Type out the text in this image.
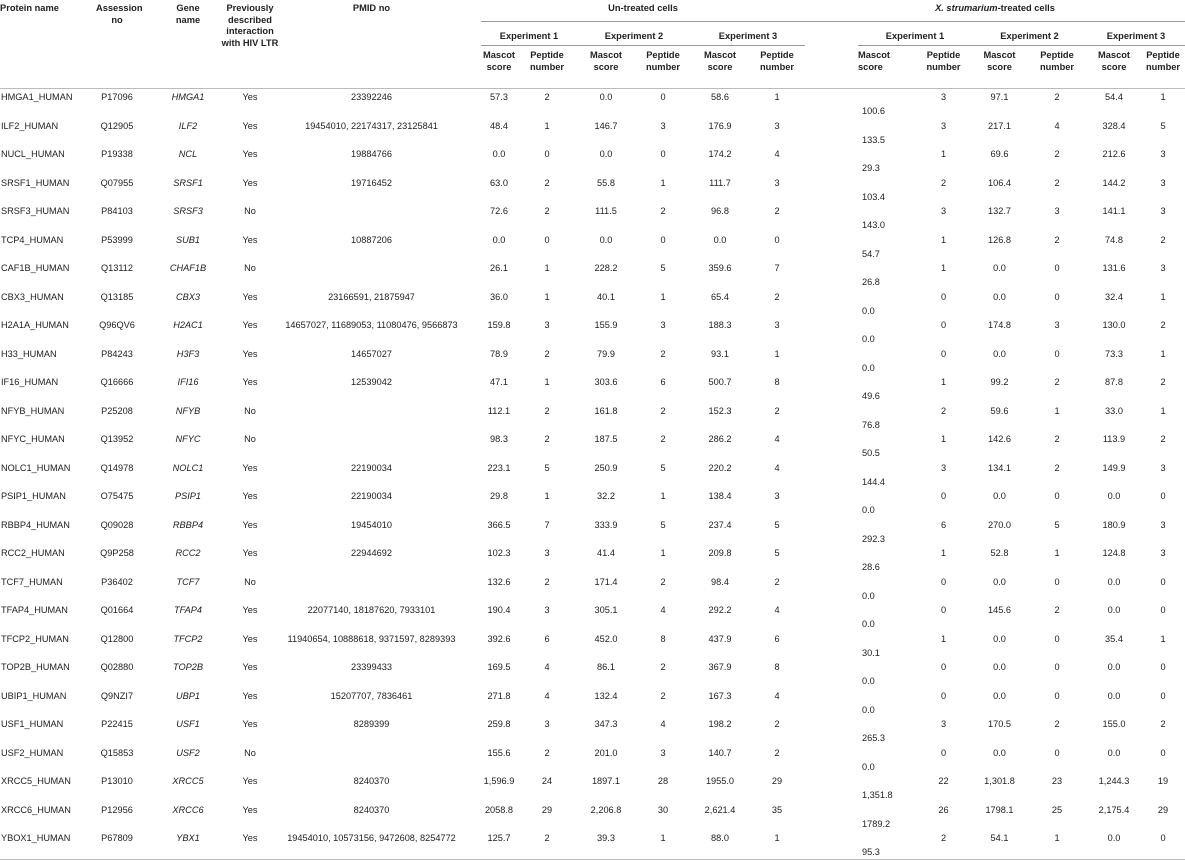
Protein name	Assession no	Gene name	Previously described interaction with HIV LTR	PMID no		Un-treated cells						X. strumarium-treated cells						
						Experiment 1		Experiment 2		Experiment 3			Experiment 1		Experiment 2		Experiment 3	
						Mascot score	Peptide number	Mascot score	Peptide number	Mascot score	Peptide number		Mascot score	Peptide number	Mascot score	Peptide number	Mascot score	Peptide number
HMGA1_HUMAN	P17096	HMGA1	Yes	23392246		57.3	2	0.0	0	58.6	1		100.6	3	97.1	2	54.4	1
ILF2_HUMAN	Q12905	ILF2	Yes	19454010, 22174317, 23125841		48.4	1	146.7	3	176.9	3		133.5	3	217.1	4	328.4	5
NUCL_HUMAN	P19338	NCL	Yes	19884766		0.0	0	0.0	0	174.2	4		29.3	1	69.6	2	212.6	3
SRSF1_HUMAN	Q07955	SRSF1	Yes	19716452		63.0	2	55.8	1	111.7	3		103.4	2	106.4	2	144.2	3
SRSF3_HUMAN	P84103	SRSF3	No			72.6	2	111.5	2	96.8	2		143.0	3	132.7	3	141.1	3
TCP4_HUMAN	P53999	SUB1	Yes	10887206		0.0	0	0.0	0	0.0	0		54.7	1	126.8	2	74.8	2
CAF1B_HUMAN	Q13112	CHAF1B	No			26.1	1	228.2	5	359.6	7		26.8	1	0.0	0	131.6	3
CBX3_HUMAN	Q13185	CBX3	Yes	23166591, 21875947		36.0	1	40.1	1	65.4	2		0.0	0	0.0	0	32.4	1
H2A1A_HUMAN	Q96QV6	H2AC1	Yes	14657027, 11689053, 11080476, 9566873		159.8	3	155.9	3	188.3	3		0.0	0	174.8	3	130.0	2
H33_HUMAN	P84243	H3F3	Yes	14657027		78.9	2	79.9	2	93.1	1		0.0	0	0.0	0	73.3	1
IF16_HUMAN	Q16666	IFI16	Yes	12539042		47.1	1	303.6	6	500.7	8		49.6	1	99.2	2	87.8	2
NFYB_HUMAN	P25208	NFYB	No			112.1	2	161.8	2	152.3	2		76.8	2	59.6	1	33.0	1
NFYC_HUMAN	Q13952	NFYC	No			98.3	2	187.5	2	286.2	4		50.5	1	142.6	2	113.9	2
NOLC1_HUMAN	Q14978	NOLC1	Yes	22190034		223.1	5	250.9	5	220.2	4		144.4	3	134.1	2	149.9	3
PSIP1_HUMAN	O75475	PSIP1	Yes	22190034		29.8	1	32.2	1	138.4	3		0.0	0	0.0	0	0.0	0
RBBP4_HUMAN	Q09028	RBBP4	Yes	19454010		366.5	7	333.9	5	237.4	5		292.3	6	270.0	5	180.9	3
RCC2_HUMAN	Q9P258	RCC2	Yes	22944692		102.3	3	41.4	1	209.8	5		28.6	1	52.8	1	124.8	3
TCF7_HUMAN	P36402	TCF7	No			132.6	2	171.4	2	98.4	2		0.0	0	0.0	0	0.0	0
TFAP4_HUMAN	Q01664	TFAP4	Yes	22077140, 18187620, 7933101		190.4	3	305.1	4	292.2	4		0.0	0	145.6	2	0.0	0
TFCP2_HUMAN	Q12800	TFCP2	Yes	11940654, 10888618, 9371597, 8289393		392.6	6	452.0	8	437.9	6		30.1	1	0.0	0	35.4	1
TOP2B_HUMAN	Q02880	TOP2B	Yes	23399433		169.5	4	86.1	2	367.9	8		0.0	0	0.0	0	0.0	0
UBIP1_HUMAN	Q9NZI7	UBP1	Yes	15207707, 7836461		271.8	4	132.4	2	167.3	4		0.0	0	0.0	0	0.0	0
USF1_HUMAN	P22415	USF1	Yes	8289399		259.8	3	347.3	4	198.2	2		265.3	3	170.5	2	155.0	2
USF2_HUMAN	Q15853	USF2	No			155.6	2	201.0	3	140.7	2		0.0	0	0.0	0	0.0	0
XRCC5_HUMAN	P13010	XRCC5	Yes	8240370		1,596.9	24	1897.1	28	1955.0	29		1,351.8	22	1,301.8	23	1,244.3	19
XRCC6_HUMAN	P12956	XRCC6	Yes	8240370		2058.8	29	2,206.8	30	2,621.4	35		1789.2	26	1798.1	25	2,175.4	29
YBOX1_HUMAN	P67809	YBX1	Yes	19454010, 10573156, 9472608, 8254772		125.7	2	39.3	1	88.0	1		95.3	2	54.1	1	0.0	0
